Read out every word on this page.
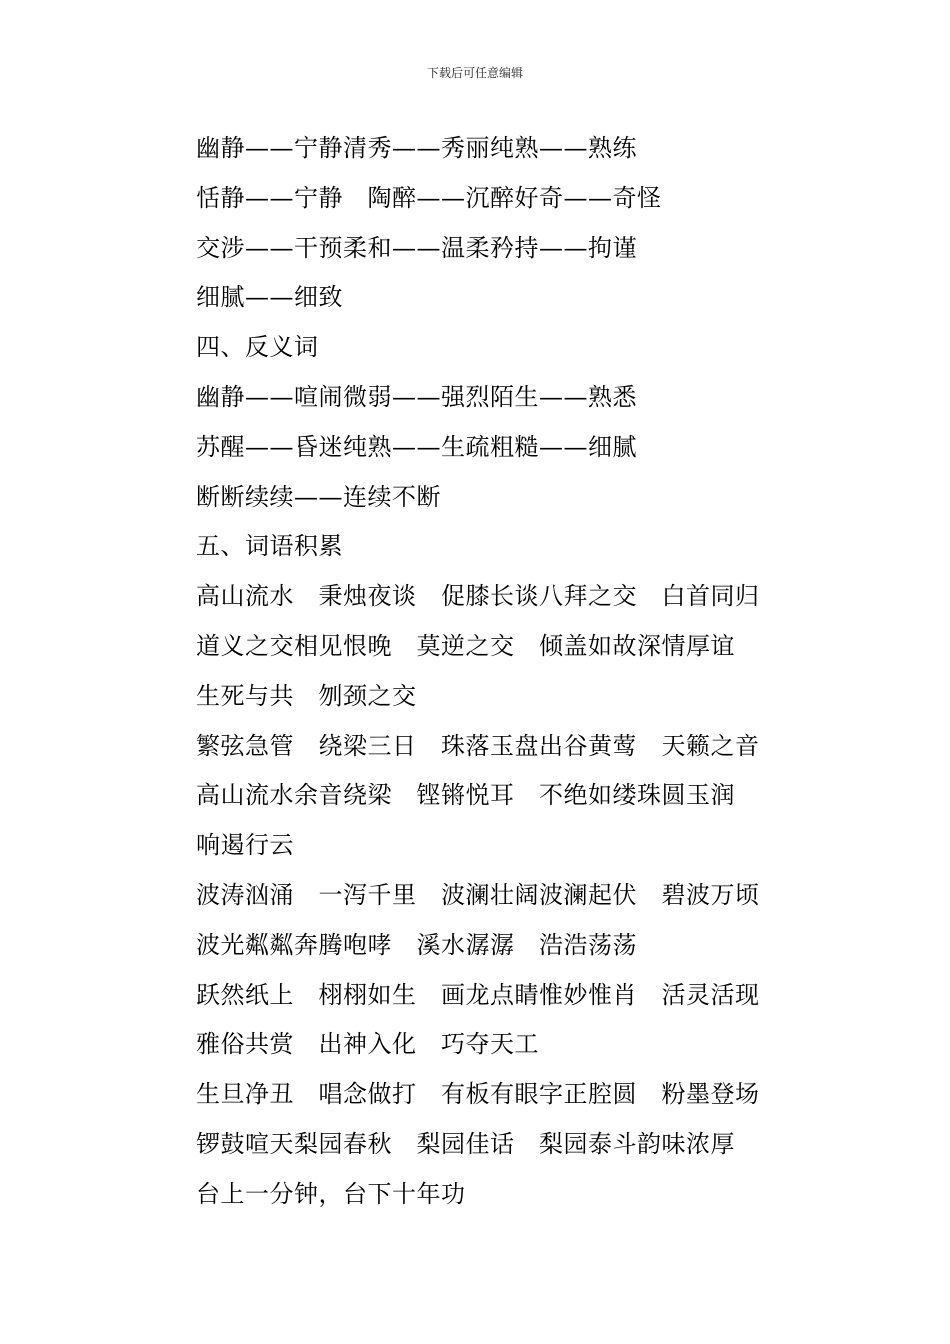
下载后可任意编辑
幽静——宁静清秀——秀丽纯熟——熟练
恬静——宁静　陶醉——沉醉好奇——奇怪
交涉——干预柔和——温柔矜持——拘谨
细腻——细致
四、反义词
幽静——喧闹微弱——强烈陌生——熟悉
苏醒——昏迷纯熟——生疏粗糙——细腻
断断续续——连续不断
五、词语积累
高山流水　秉烛夜谈　促膝长谈八拜之交　白首同归
道义之交相见恨晚　莫逆之交　倾盖如故深情厚谊
生死与共　刎颈之交
繁弦急管　绕梁三日　珠落玉盘出谷黄莺　天籁之音
高山流水余音绕梁　铿锵悦耳　不绝如缕珠圆玉润
响遏行云
波涛汹涌　一泻千里　波澜壮阔波澜起伏　碧波万顷
波光粼粼奔腾咆哮　溪水潺潺　浩浩荡荡
跃然纸上　栩栩如生　画龙点睛惟妙惟肖　活灵活现
雅俗共赏　出神入化　巧夺天工
生旦净丑　唱念做打　有板有眼字正腔圆　粉墨登场
锣鼓喧天梨园春秋　梨园佳话　梨园泰斗韵味浓厚
台上一分钟，台下十年功
